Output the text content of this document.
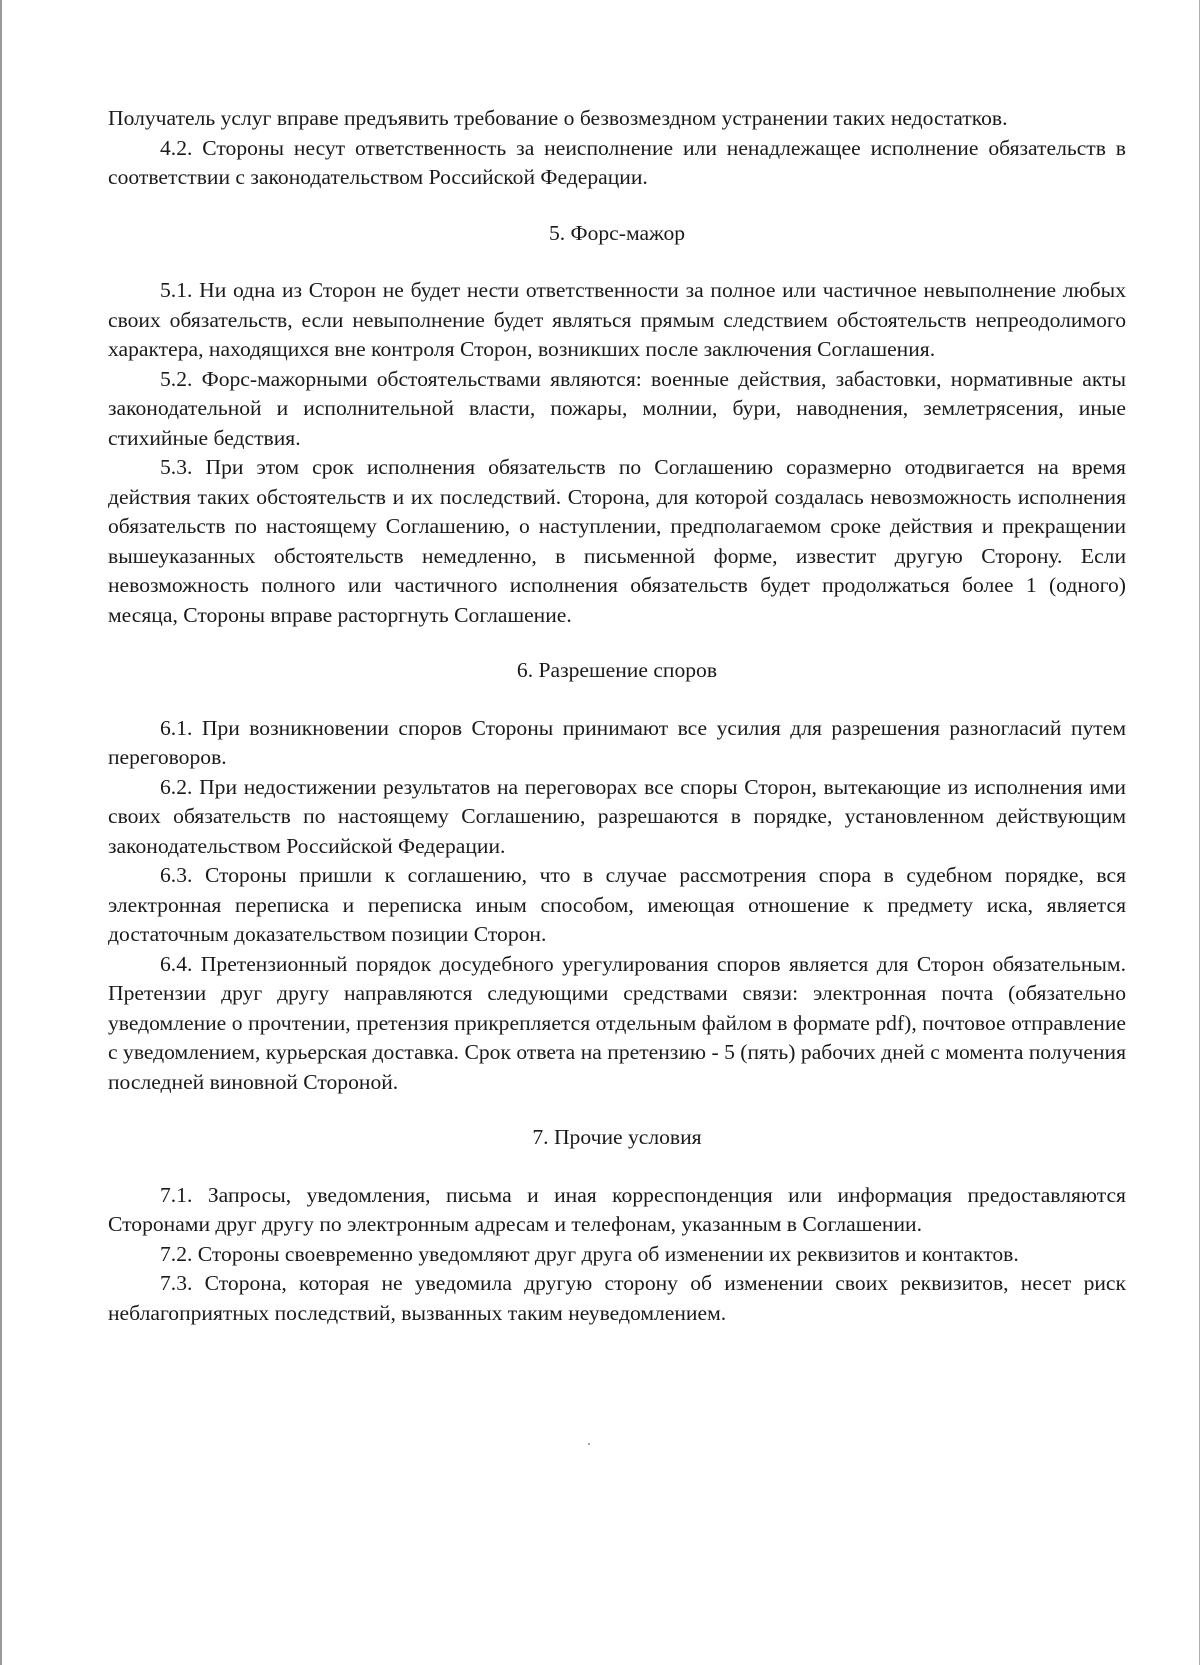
Получатель услуг вправе предъявить требование о безвозмездном устранении таких недостатков.

4.2. Стороны несут ответственность за неисполнение или ненадлежащее исполнение обязательств в соответствии с законодательством Российской Федерации.

5. Форс-мажор

5.1. Ни одна из Сторон не будет нести ответственности за полное или частичное невыполнение любых своих обязательств, если невыполнение будет являться прямым следствием обстоятельств непреодолимого характера, находящихся вне контроля Сторон, возникших после заключения Соглашения.

5.2. Форс-мажорными обстоятельствами являются: военные действия, забастовки, нормативные акты законодательной и исполнительной власти, пожары, молнии, бури, наводнения, землетрясения, иные стихийные бедствия.

5.3. При этом срок исполнения обязательств по Соглашению соразмерно отодвигается на время действия таких обстоятельств и их последствий. Сторона, для которой создалась невозможность исполнения обязательств по настоящему Соглашению, о наступлении, предполагаемом сроке действия и прекращении вышеуказанных обстоятельств немедленно, в письменной форме, известит другую Сторону. Если невозможность полного или частичного исполнения обязательств будет продолжаться более 1 (одного) месяца, Стороны вправе расторгнуть Соглашение.

6. Разрешение споров

6.1. При возникновении споров Стороны принимают все усилия для разрешения разногласий путем переговоров.

6.2. При недостижении результатов на переговорах все споры Сторон, вытекающие из исполнения ими своих обязательств по настоящему Соглашению, разрешаются в порядке, установленном действующим законодательством Российской Федерации.

6.3. Стороны пришли к соглашению, что в случае рассмотрения спора в судебном порядке, вся электронная переписка и переписка иным способом, имеющая отношение к предмету иска, является достаточным доказательством позиции Сторон.

6.4. Претензионный порядок досудебного урегулирования споров является для Сторон обязательным. Претензии друг другу направляются следующими средствами связи: электронная почта (обязательно уведомление о прочтении, претензия прикрепляется отдельным файлом в формате pdf), почтовое отправление с уведомлением, курьерская доставка. Срок ответа на претензию - 5 (пять) рабочих дней с момента получения последней виновной Стороной.

7. Прочие условия

7.1. Запросы, уведомления, письма и иная корреспонденция или информация предоставляются Сторонами друг другу по электронным адресам и телефонам, указанным в Соглашении.

7.2. Стороны своевременно уведомляют друг друга об изменении их реквизитов и контактов.

7.3. Сторона, которая не уведомила другую сторону об изменении своих реквизитов, несет риск неблагоприятных последствий, вызванных таким неуведомлением.
